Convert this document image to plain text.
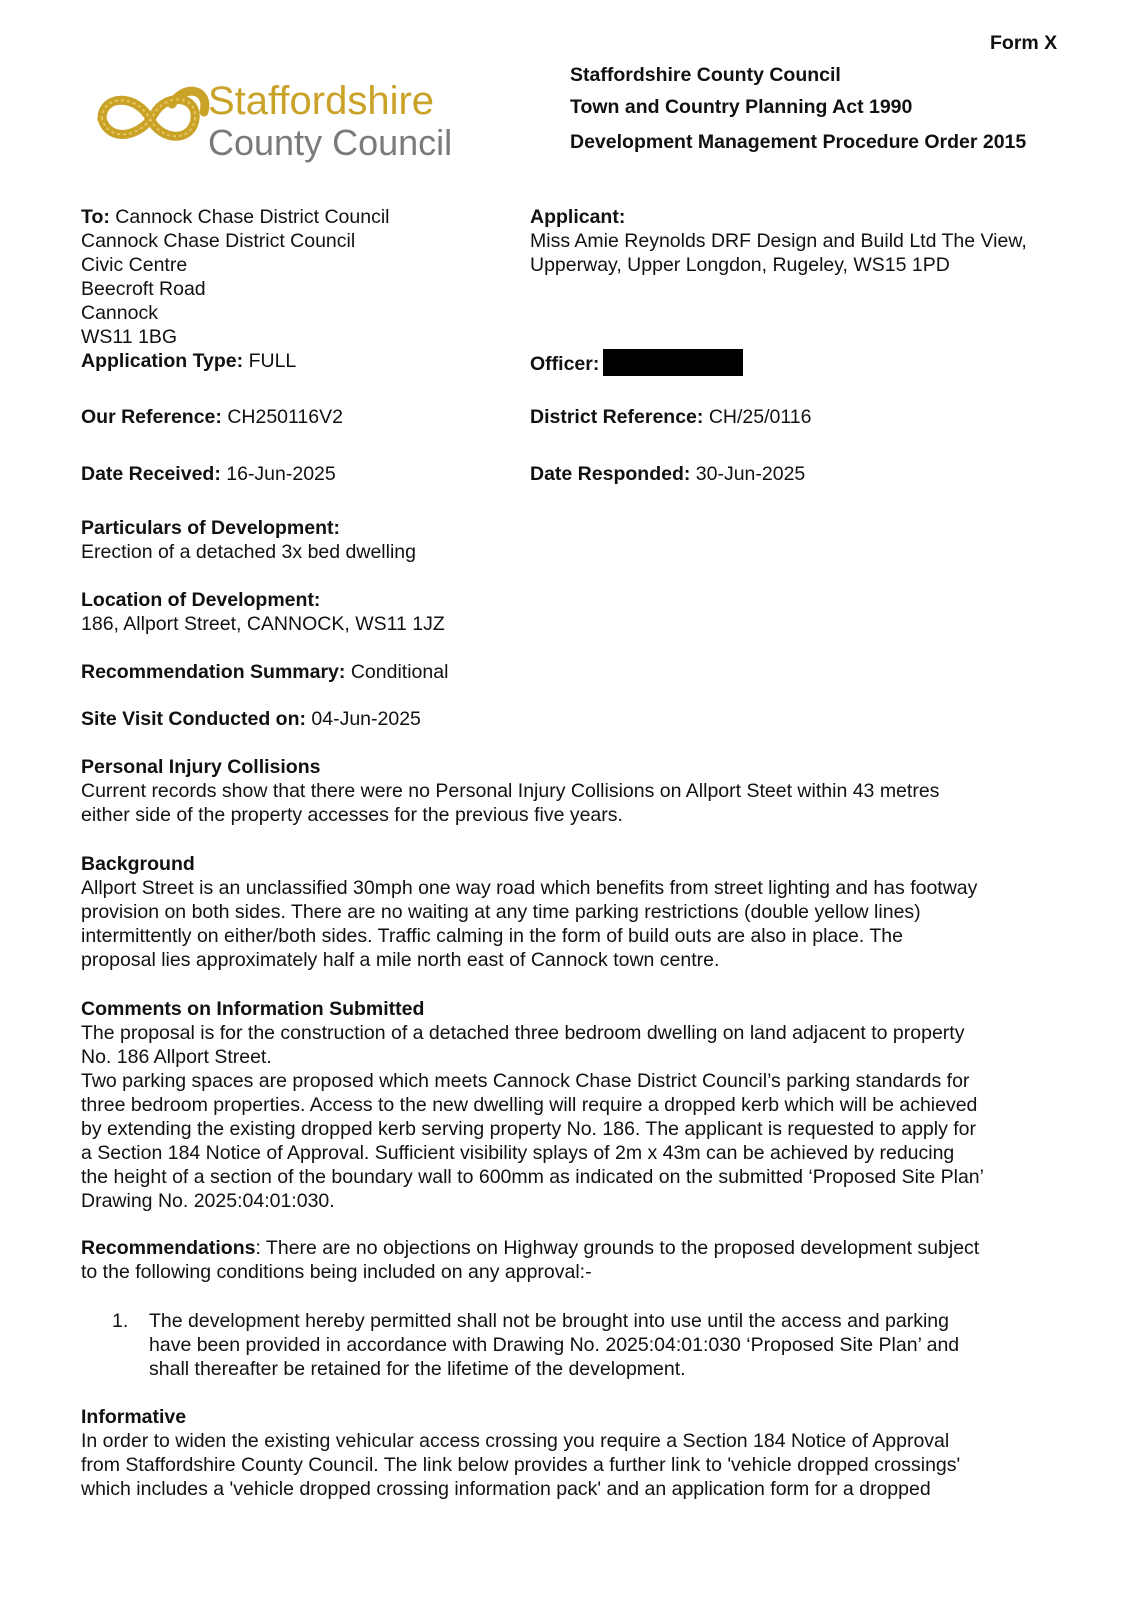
Form X
Staffordshire
County Council
Staffordshire County Council
Town and Country Planning Act 1990
Development Management Procedure Order 2015

To: Cannock Chase District Council

Cannock Chase District Council

Civic Centre

Beecroft Road

Cannock

WS11 1BG

Applicant:

Miss Amie Reynolds DRF Design and Build Ltd The View,

Upperway, Upper Longdon, Rugeley, WS15 1PD

Application Type: FULL	Officer:
Our Reference: CH250116V2	District Reference: CH/25/0116
Date Received: 16-Jun-2025	Date Responded: 30-Jun-2025

Particulars of Development:

Erection of a detached 3x bed dwelling

Location of Development:

186, Allport Street, CANNOCK, WS11 1JZ

Recommendation Summary: Conditional
Site Visit Conducted on: 04-Jun-2025

Personal Injury Collisions

Current records show that there were no Personal Injury Collisions on Allport Steet within 43 metres

either side of the property accesses for the previous five years.

Background

Allport Street is an unclassified 30mph one way road which benefits from street lighting and has footway

provision on both sides. There are no waiting at any time parking restrictions (double yellow lines)

intermittently on either/both sides. Traffic calming in the form of build outs are also in place. The

proposal lies approximately half a mile north east of Cannock town centre.

Comments on Information Submitted

The proposal is for the construction of a detached three bedroom dwelling on land adjacent to property

No. 186 Allport Street.

Two parking spaces are proposed which meets Cannock Chase District Council’s parking standards for

three bedroom properties. Access to the new dwelling will require a dropped kerb which will be achieved

by extending the existing dropped kerb serving property No. 186. The applicant is requested to apply for

a Section 184 Notice of Approval. Sufficient visibility splays of 2m x 43m can be achieved by reducing

the height of a section of the boundary wall to 600mm as indicated on the submitted ‘Proposed Site Plan’

Drawing No. 2025:04:01:030.

Recommendations: There are no objections on Highway grounds to the proposed development subject

to the following conditions being included on any approval:-

1. The development hereby permitted shall not be brought into use until the access and parking

have been provided in accordance with Drawing No. 2025:04:01:030 ‘Proposed Site Plan’ and

shall thereafter be retained for the lifetime of the development.

Informative

In order to widen the existing vehicular access crossing you require a Section 184 Notice of Approval

from Staffordshire County Council. The link below provides a further link to 'vehicle dropped crossings'

which includes a 'vehicle dropped crossing information pack' and an application form for a dropped
